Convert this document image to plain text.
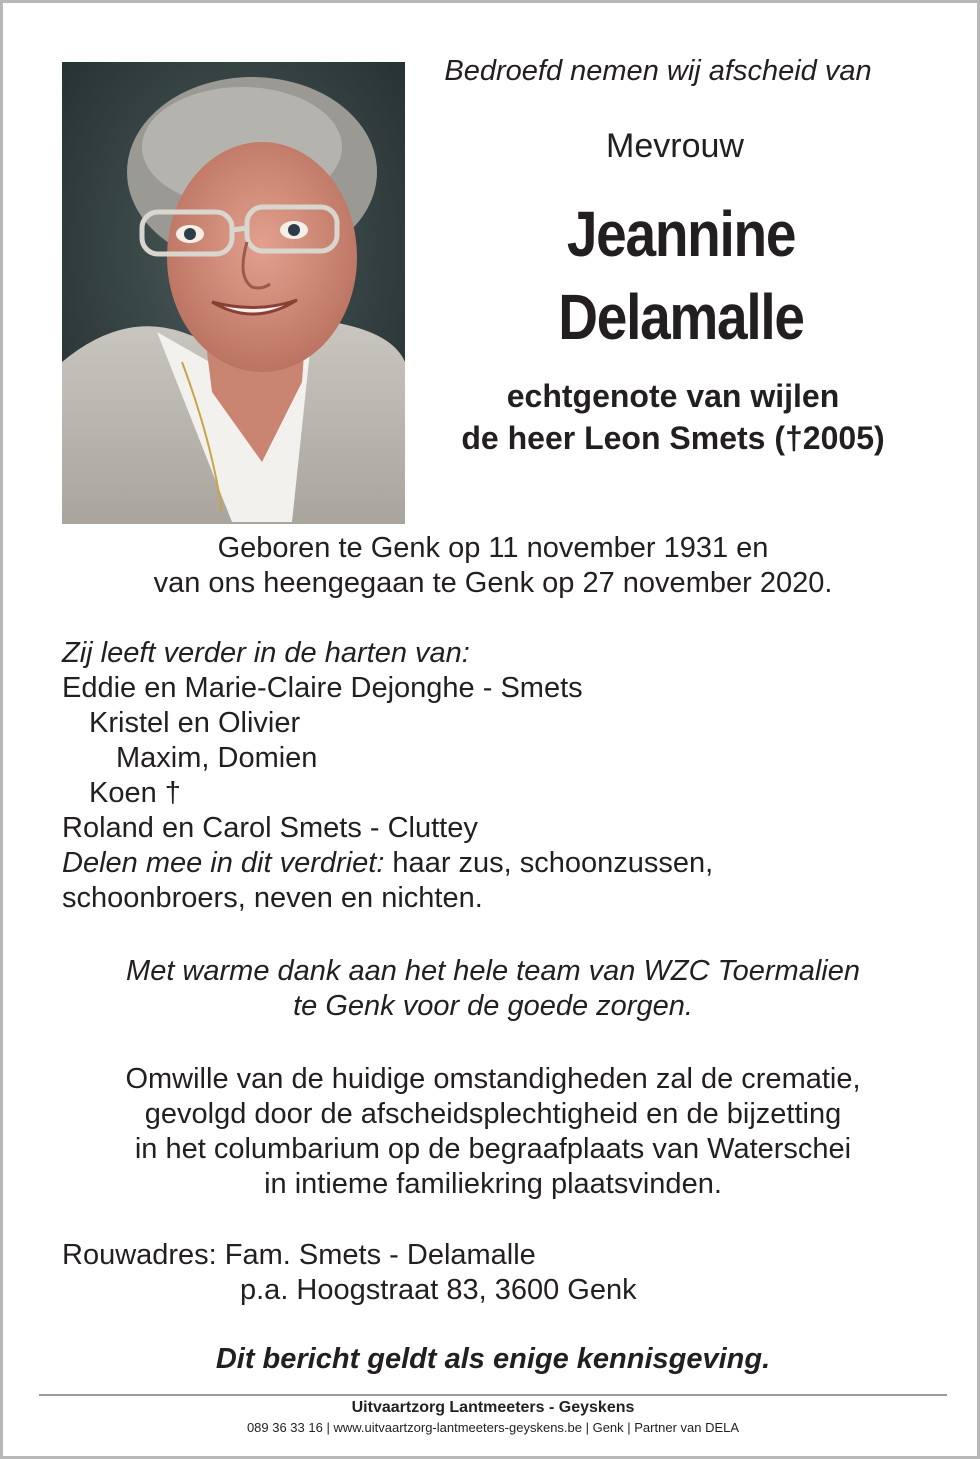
Bedroefd nemen wij afscheid van
Mevrouw
Jeannine
Delamalle
echtgenote van wijlen
de heer Leon Smets (†2005)
Geboren te Genk op 11 november 1931 en
van ons heengegaan te Genk op 27 november 2020.
Zij leeft verder in de harten van:
Eddie en Marie-Claire Dejonghe - Smets
Kristel en Olivier
Maxim, Domien
Koen †
Roland en Carol Smets - Cluttey
Delen mee in dit verdriet: haar zus, schoonzussen,
schoonbroers, neven en nichten.
Met warme dank aan het hele team van WZC Toermalien
te Genk voor de goede zorgen.
Omwille van de huidige omstandigheden zal de crematie,
gevolgd door de afscheidsplechtigheid en de bijzetting
in het columbarium op de begraafplaats van Waterschei
in intieme familiekring plaatsvinden.
Rouwadres: Fam. Smets - Delamalle
p.a. Hoogstraat 83, 3600 Genk
Dit bericht geldt als enige kennisgeving.
Uitvaartzorg Lantmeeters - Geyskens
089 36 33 16 | www.uitvaartzorg-lantmeeters-geyskens.be | Genk | Partner van DELA
